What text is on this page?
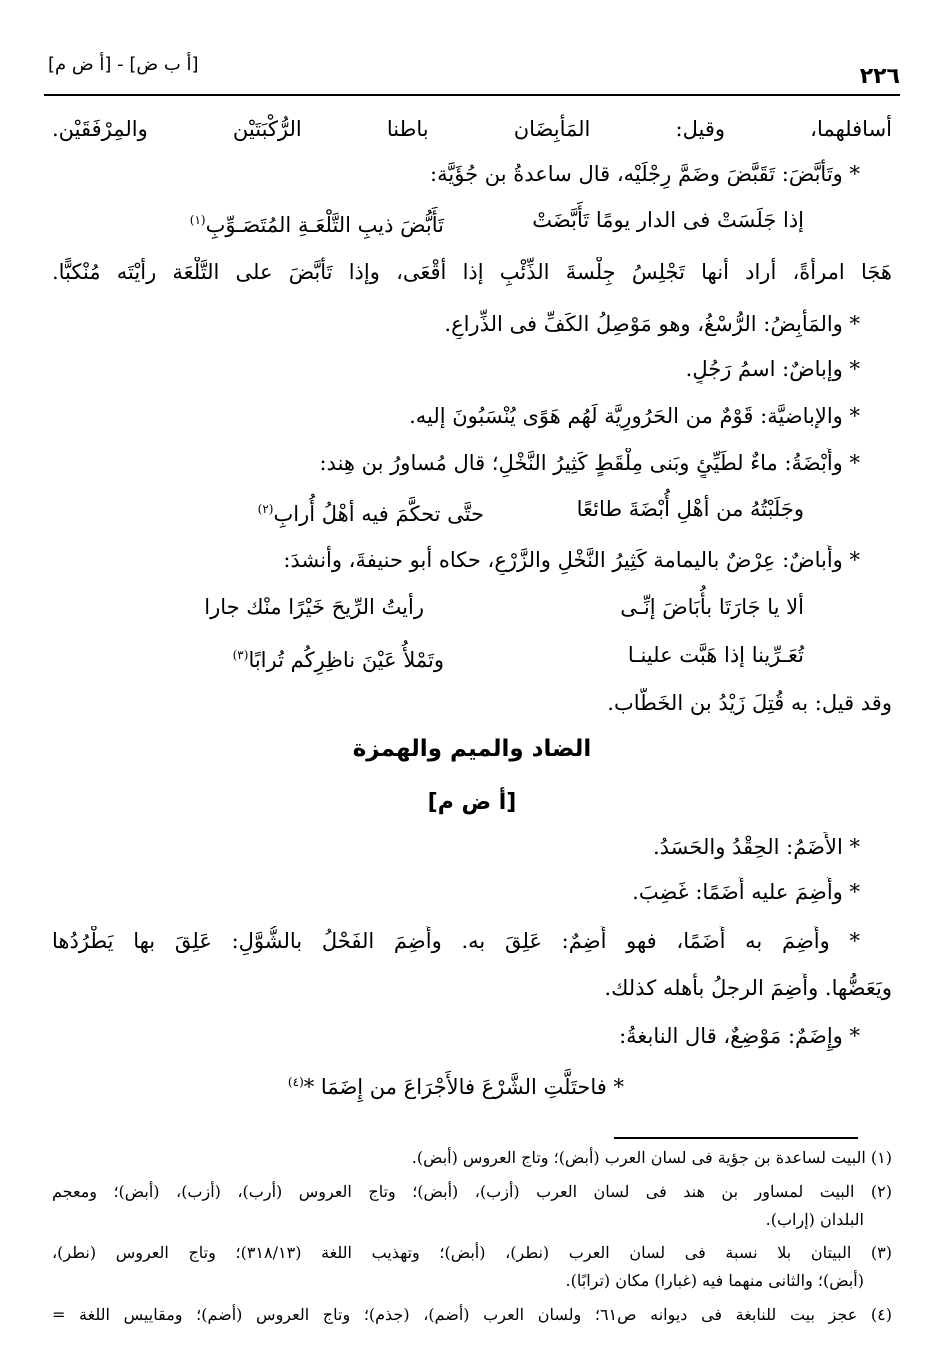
٢٢٦
[أ ب ض] - [أ ض م]
أسافلهما، وقيل: المَأْبِضَان باطنا الرُّكْبَتَيْن والمِرْفَقَيْن.
* وتَأَبَّضَ: تَقَبَّضَ وضَمَّ رِجْلَيْه، قال ساعدةُ بن جُؤَيَّة:
إذا جَلَسَتْ فى الدار يومًا تَأَبَّضَتْ
تَأَبُّضَ ذيبِ التَّلْعَـةِ المُتَصَـوِّبِ$^{(١)}$
هَجَا امرأةً، أراد أنها تَجْلِسُ جِلْسةَ الذِّئْبِ إذا أقْعَى، وإذا تَأَبَّضَ على التَّلْعَة رأيْتَه مُنْكبًّا.
* والمَأْبِضُ: الرُّسْغُ، وهو مَوْصِلُ الكَفِّ فى الذِّراعِ.
* وإباضٌ: اسمُ رَجُلٍ.
* والإباضيَّة: قَوْمٌ من الحَرُورِيَّة لَهُم هَوًى يُنْسَبُونَ إليه.
* وأُبْضَةُ: ماءٌ لطَيِّئٍ وبَنى مِلْقَطٍ كَثِيرُ النَّخْلِ؛ قال مُساورُ بن هِند:
وجَلَبْتُهُ من أهْلِ أُبْضَةَ طائعًا
حتَّى تحكَّمَ فيه أهْلُ أُرابِ$^{(٢)}$
* وأُباضٌ: عِرْضٌ باليمامة كَثِيرُ النَّخْلِ والزَّرْعِ، حكاه أبو حنيفةَ، وأنشدَ:
ألا يا جَارَتَا بأُبَاضَ إنِّـى
رأيتُ الرِّيحَ خَيْرًا منْك جارا
تُعَـرِّينا إذا هَبَّت علينـا
وتَمْلأُ عَيْنَ ناظِرِكُم تُرابًا$^{(٣)}$
وقد قيل: به قُتِلَ زَيْدُ بن الخَطَّاب.
الضاد والميم والهمزة
[أ ض م]
* الأَضَمُ: الحِقْدُ والحَسَدُ.
* وأَضِمَ عليه أَضَمًا: غَضِبَ.
* وأَضِمَ به أَضَمًا، فهو أَضِمٌ: عَلِقَ به. وأَضِمَ الفَحْلُ بالشُّوَّلِ: عَلِقَ بها يَطْرُدُها
ويَعَضُّها. وأَضِمَ الرجلُ بأهله كذلك.
* وإِضَمٌ: مَوْضِعٌ، قال النابغةُ:
* فاحتَلَّتِ الشَّرْعَ فالأَجْرَاعَ من إِضَمَا *$^{(٤)}$
(١) البيت لساعدة بن جؤية فى لسان العرب (أبض)؛ وتاج العروس (أبض).
(٢) البيت لمساور بن هند فى لسان العرب (أزب)، (أبض)؛ وتاج العروس (أرب)، (أزب)، (أبض)؛ ومعجم
البلدان (إراب).
(٣) البيتان بلا نسبة فى لسان العرب (نطر)، (أبض)؛ وتهذيب اللغة (٣١٨/١٣)؛ وتاج العروس (نطر)،
(أبض)؛ والثانى منهما فيه (غبارا) مكان (ترابًا).
(٤) عجز بيت للنابغة فى ديوانه ص٦١؛ ولسان العرب (أضم)، (جذم)؛ وتاج العروس (أضم)؛ ومقاييس اللغة =
